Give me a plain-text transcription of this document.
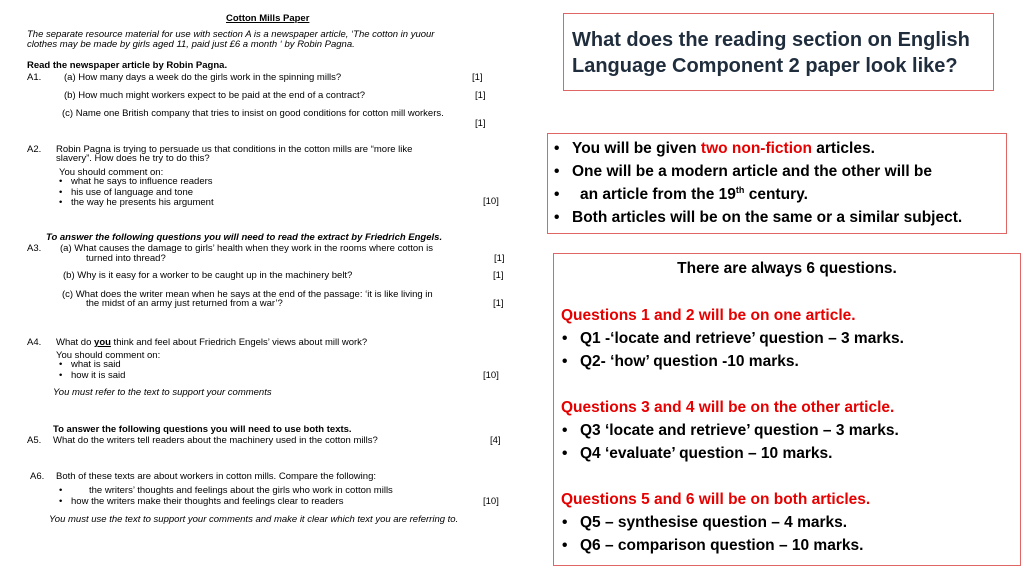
Cotton Mills Paper
The separate resource material for use with section A is a newspaper article, ‘The cotton in yuour
clothes may be made by girls aged 11, paid just £6 a month ‘ by Robin Pagna.
Read the newspaper article by Robin Pagna.
A1. (a) How many days a week do the girls work in the spinning mills?	[1]
(b) How much might workers expect to be paid at the end of a contract?	[1]
(c) Name one British company that tries to insist on good conditions for cotton mill workers.
[1]
A2. Robin Pagna is trying to persuade us that conditions in the cotton mills are “more like
slavery”. How does he try to do this?
You should comment on:
• what he says to influence readers
• his use of language and tone
• the way he presents his argument	[10]
To answer the following questions you will need to read the extract by Friedrich Engels.
A3. (a) What causes the damage to girls’ health when they work in the rooms where cotton is
turned into thread?	[1]
(b) Why is it easy for a worker to be caught up in the machinery belt?	[1]
(c) What does the writer mean when he says at the end of the passage: ‘it is like living in
the midst of an army just returned from a war’?	[1]
A4. What do you think and feel about Friedrich Engels’ views about mill work?
You should comment on:
• what is said
• how it is said	[10]
You must refer to the text to support your comments
To answer the following questions you will need to use both texts.
A5. What do the writers tell readers about the machinery used in the cotton mills?	[4]
A6. Both of these texts are about workers in cotton mills. Compare the following:
• the writers’ thoughts and feelings about the girls who work in cotton mills
• how the writers make their thoughts and feelings clear to readers	[10]
You must use the text to support your comments and make it clear which text you are referring to.
What does the reading section on English Language Component 2 paper look like?
• You will be given two non-fiction articles.
• One will be a modern article and the other will be
• an article from the 19th century.
• Both articles will be on the same or a similar subject.
There are always 6 questions.
Questions 1 and 2 will be on one article.
• Q1 -‘locate and retrieve’ question – 3 marks.
• Q2- ‘how’ question -10 marks.
Questions 3 and 4 will be on the other article.
• Q3 ‘locate and retrieve’ question – 3 marks.
• Q4 ‘evaluate’ question – 10 marks.
Questions 5 and 6 will be on both articles.
• Q5 – synthesise question – 4 marks.
• Q6 – comparison question – 10 marks.
